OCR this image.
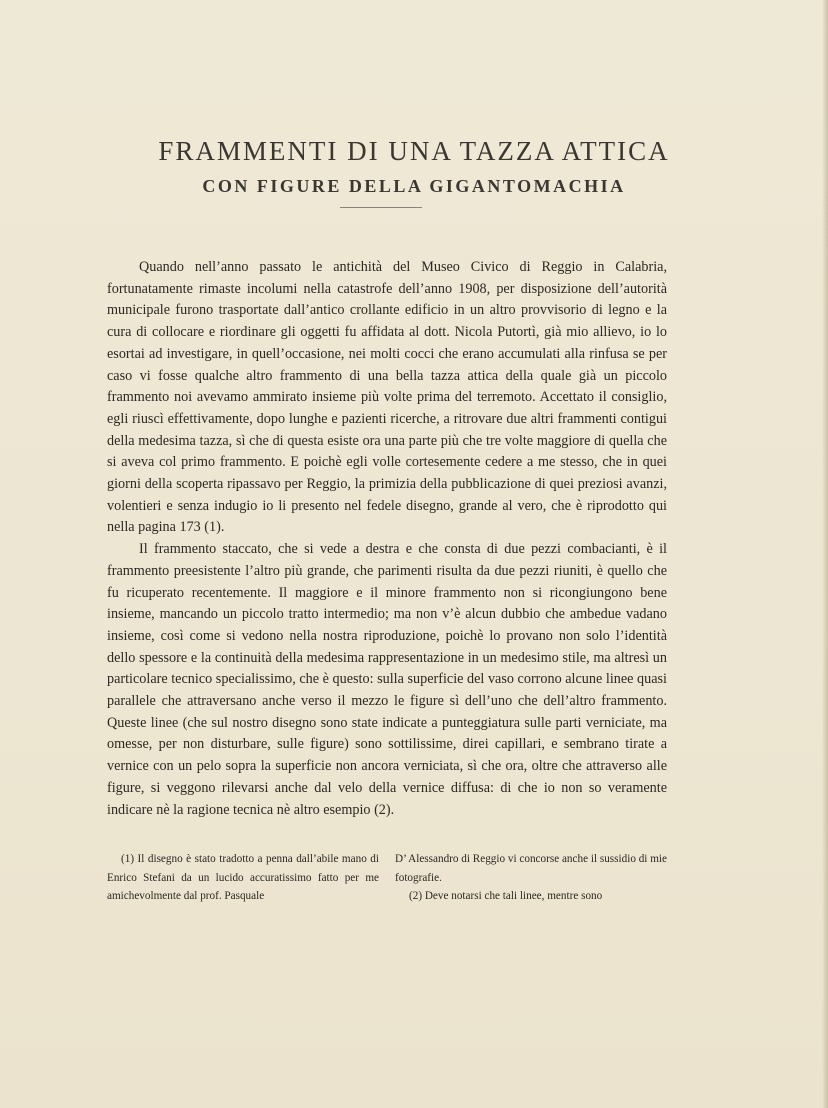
FRAMMENTI DI UNA TAZZA ATTICA
CON FIGURE DELLA GIGANTOMACHIA

Quando nell’anno passato le antichità del Museo Civico di Reggio in Calabria, fortunatamente rimaste incolumi nella catastrofe dell’anno 1908, per disposizione dell’autorità municipale furono trasportate dall’antico crollante edificio in un altro provvisorio di legno e la cura di collocare e riordinare gli oggetti fu affidata al dott. Nicola Putortì, già mio allievo, io lo esortai ad investigare, in quell’occasione, nei molti cocci che erano accumulati alla rinfusa se per caso vi fosse qualche altro frammento di una bella tazza attica della quale già un piccolo frammento noi avevamo ammirato insieme più volte prima del terremoto. Accettato il consiglio, egli riuscì effettivamente, dopo lunghe e pazienti ricerche, a ritrovare due altri frammenti contigui della medesima tazza, sì che di questa esiste ora una parte più che tre volte maggiore di quella che si aveva col primo frammento. E poichè egli volle cortesemente cedere a me stesso, che in quei giorni della scoperta ripassavo per Reggio, la primizia della pubblicazione di quei preziosi avanzi, volentieri e senza indugio io li presento nel fedele disegno, grande al vero, che è riprodotto qui nella pagina 173 (1).

Il frammento staccato, che si vede a destra e che consta di due pezzi combacianti, è il frammento preesistente l’altro più grande, che parimenti risulta da due pezzi riuniti, è quello che fu ricuperato recentemente. Il maggiore e il minore frammento non si ricongiungono bene insieme, mancando un piccolo tratto intermedio; ma non v’è alcun dubbio che ambedue vadano insieme, così come si vedono nella nostra riproduzione, poichè lo provano non solo l’identità dello spessore e la continuità della medesima rappresentazione in un medesimo stile, ma altresì un particolare tecnico specialissimo, che è questo: sulla superficie del vaso corrono alcune linee quasi parallele che attraversano anche verso il mezzo le figure sì dell’uno che dell’altro frammento. Queste linee (che sul nostro disegno sono state indicate a punteggiatura sulle parti verniciate, ma omesse, per non disturbare, sulle figure) sono sottilissime, direi capillari, e sembrano tirate a vernice con un pelo sopra la superficie non ancora verniciata, sì che ora, oltre che attraverso alle figure, si veggono rilevarsi anche dal velo della vernice diffusa: di che io non so veramente indicare nè la ragione tecnica nè altro esempio (2).

(1) Il disegno è stato tradotto a penna dall’abile mano di Enrico Stefani da un lucido accuratissimo fatto per me amichevolmente dal prof. Pasquale

D’ Alessandro di Reggio vi concorse anche il sussidio di mie fotografie.

(2) Deve notarsi che tali linee, mentre sono
